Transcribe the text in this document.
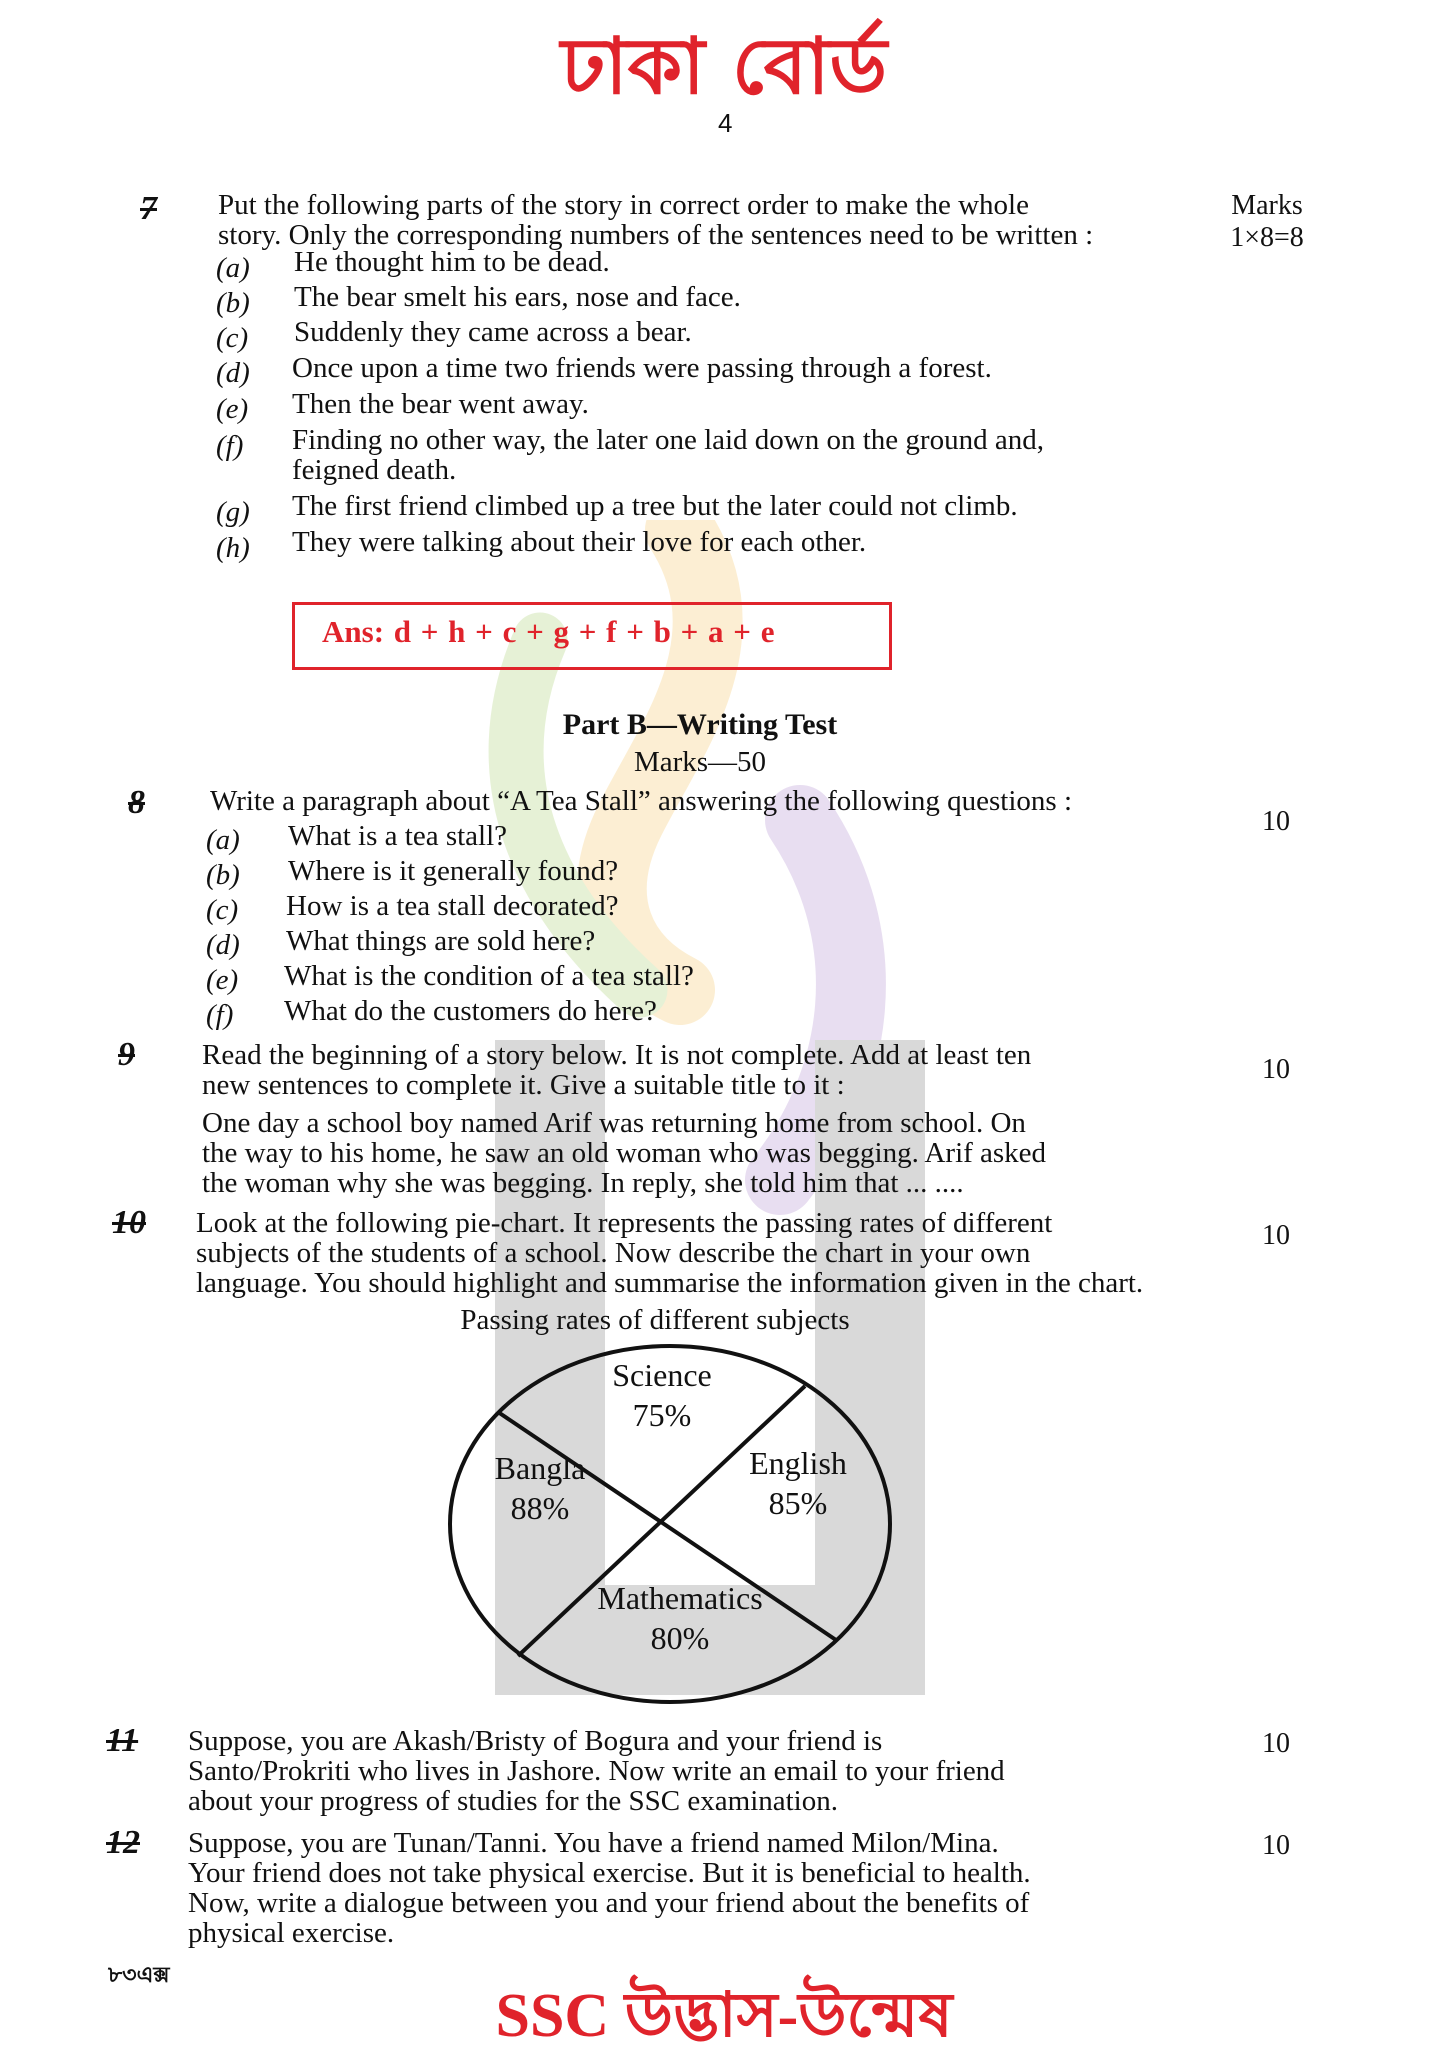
ঢাকা বোর্ড
4
7 Put the following parts of the story in correct order to make the whole
story. Only the corresponding numbers of the sentences need to be written :
Marks
1×8=8
(a) He thought him to be dead.
(b) The bear smelt his ears, nose and face.
(c) Suddenly they came across a bear.
(d) Once upon a time two friends were passing through a forest.
(e) Then the bear went away.
(f) Finding no other way, the later one laid down on the ground and,
feigned death.
(g) The first friend climbed up a tree but the later could not climb.
(h) They were talking about their love for each other.
Ans: d + h + c + g + f + b + a + e
Part B—Writing Test
Marks—50
8 Write a paragraph about “A Tea Stall” answering the following questions :
10
(a) What is a tea stall?
(b) Where is it generally found?
(c) How is a tea stall decorated?
(d) What things are sold here?
(e) What is the condition of a tea stall?
(f) What do the customers do here?
9 Read the beginning of a story below. It is not complete. Add at least ten
new sentences to complete it. Give a suitable title to it :
One day a school boy named Arif was returning home from school. On
the way to his home, he saw an old woman who was begging. Arif asked
the woman why she was begging. In reply, she told him that ... ....
10
10 Look at the following pie-chart. It represents the passing rates of different
subjects of the students of a school. Now describe the chart in your own
language. You should highlight and summarise the information given in the chart.
10
Passing rates of different subjects
Science
75%
English
85%
Mathematics
80%
Bangla
88%
11 Suppose, you are Akash/Bristy of Bogura and your friend is
Santo/Prokriti who lives in Jashore. Now write an email to your friend
about your progress of studies for the SSC examination.
10
12 Suppose, you are Tunan/Tanni. You have a friend named Milon/Mina.
Your friend does not take physical exercise. But it is beneficial to health.
Now, write a dialogue between you and your friend about the benefits of
physical exercise.
10
৮৩এক্স
SSC উদ্ভাস-উন্মেষ
